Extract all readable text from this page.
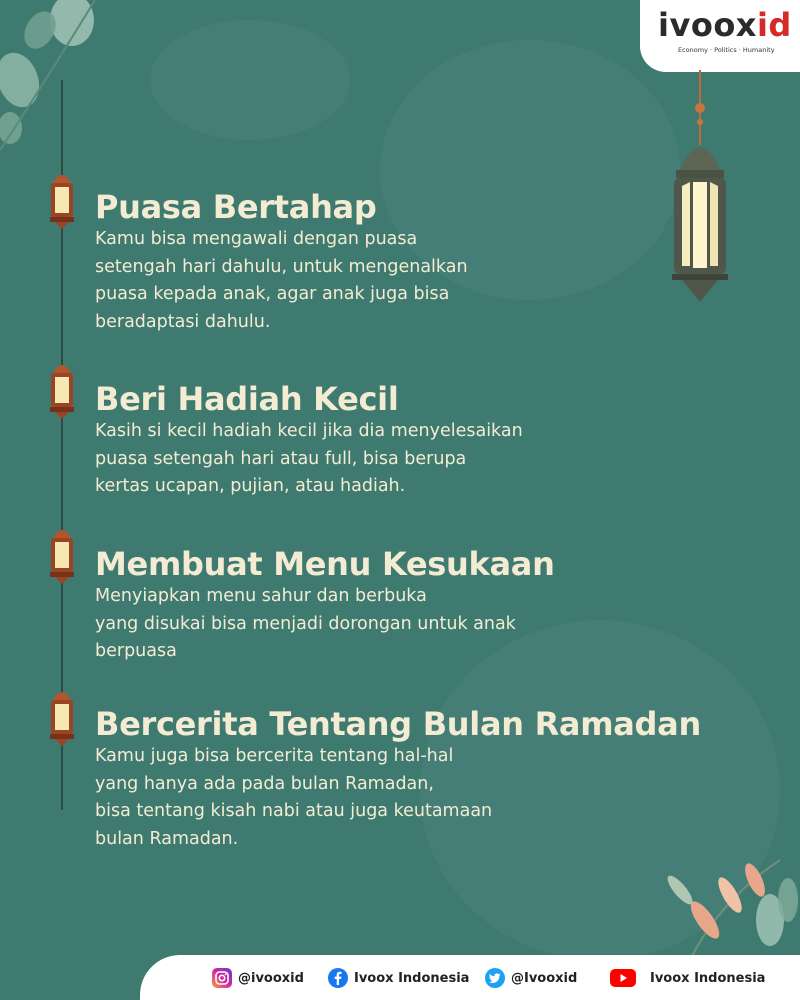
ivooxid
Economy · Politics · Humanity
Puasa Bertahap

Kamu bisa mengawali dengan puasa
setengah hari dahulu, untuk mengenalkan
puasa kepada anak, agar anak juga bisa
beradaptasi dahulu.

Beri Hadiah Kecil

Kasih si kecil hadiah kecil jika dia menyelesaikan
puasa setengah hari atau full, bisa berupa
kertas ucapan, pujian, atau hadiah.

Membuat Menu Kesukaan

Menyiapkan menu sahur dan berbuka
yang disukai bisa menjadi dorongan untuk anak
berpuasa

Bercerita Tentang Bulan Ramadan

Kamu juga bisa bercerita tentang hal-hal
yang hanya ada pada bulan Ramadan,
bisa tentang kisah nabi atau juga keutamaan
bulan Ramadan.

@ivooxid	Ivoox Indonesia	@Ivooxid	Ivoox Indonesia
